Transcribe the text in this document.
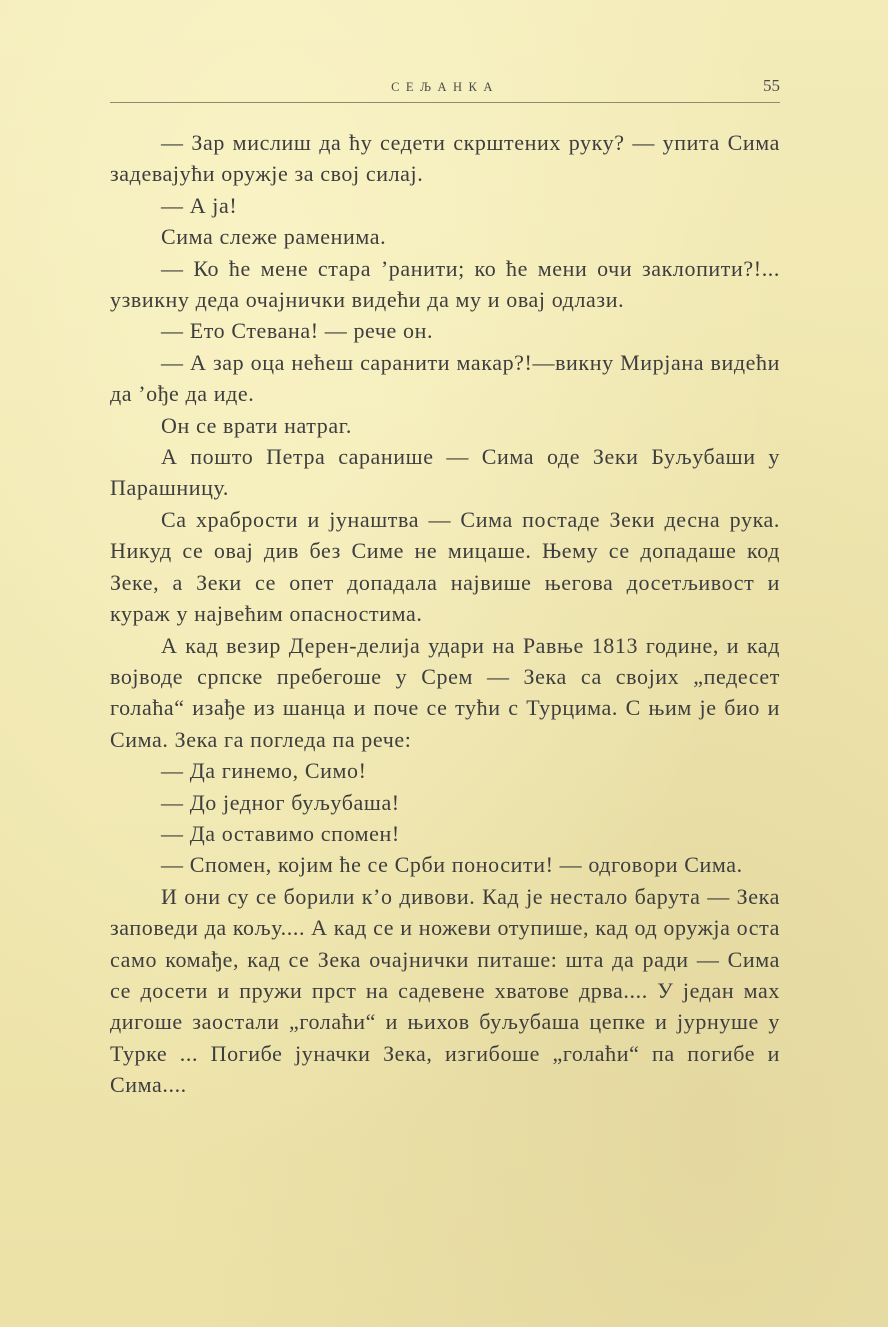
СЕЉАНКА	55

— Зар мислиш да ћу седети скрштених руку? — упита Сима задевајући оружје за свој силај.

— А ја!

Сима слеже раменима.

— Ко ће мене стара ’ранити; ко ће мени очи заклопити?!... узвикну деда очајнички видећи да му и овај одлази.

— Ето Стевана! — рече он.

— А зар оца нећеш сaранити макар?!—викну Мирјана видећи да ’ође да иде.

Он се врати натраг.

А пошто Петра сaранише — Сима оде Зеки Буљубаши у Парашницу.

Са храбрости и јунаштва — Сима постаде Зеки десна рука. Никуд се овај див без Симе не мицаше. Њему се допадаше код Зеке, а Зеки се опет допадала највише његова досетљивост и кураж у највећим опасностима.

А кад везир Дерен-делија удари на Равње 1813 године, и кад војводе српске пребегоше у Срем — Зека са својих „педесет голаћа“ изађе из шанца и поче се тући с Турцима. С њим је био и Сима. Зека га погледа па рече:

— Да гинемо, Симо!

— До једног буљубаша!

— Да оставимо спомен!

— Спомен, којим ће се Срби поносити! — одговори Сима.

И они су се борили к’о дивови. Кад је нестало барута — Зека заповеди да кољу.... А кад се и ножеви отупише, кад од оружја оста само комађе, кад се Зека очајнички питаше: шта да ради — Сима се досети и пружи прст на садевене хватове дрва.... У један мах дигоше заостали „голаћи“ и њихов буљубаша цепке и јурнуше у Турке ... Погибе јуначки Зека, изгибоше „голаћи“ па погибе и Сима....
